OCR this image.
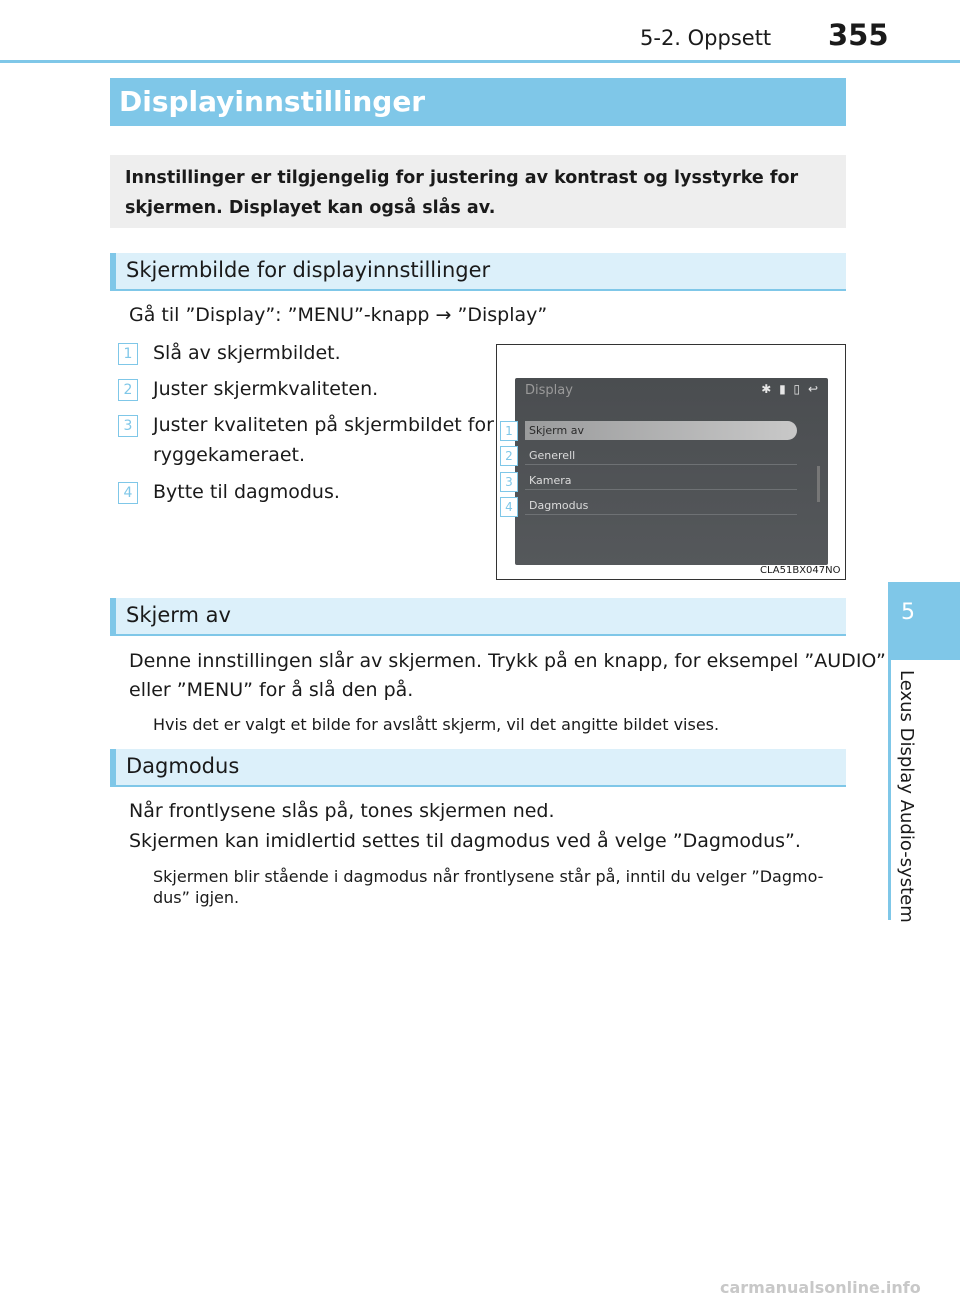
5-2. Oppsett 355
5
Lexus Display Audio-system
Displayinnstillinger
Innstillinger er tilgjengelig for justering av kontrast og lysstyrke for skjermen. Displayet kan også slås av.
Skjermbilde for displayinnstillinger
Gå til ”Display”: ”MENU”-knapp → ”Display”
1 Slå av skjermbildet.
2 Juster skjermkvaliteten.
3 Juster kvaliteten på skjermbildet for
ryggekameraet.
4 Bytte til dagmodus.
Display	✱ ▮ ▯ ↩
Skjerm av
Generell
Kamera
Dagmodus
1
2
3
4
CLA51BX047NO
Skjerm av
Denne innstillingen slår av skjermen. Trykk på en knapp, for eksempel ”AUDIO”
eller ”MENU” for å slå den på.
Hvis det er valgt et bilde for avslått skjerm, vil det angitte bildet vises.
Dagmodus
Når frontlysene slås på, tones skjermen ned.
Skjermen kan imidlertid settes til dagmodus ved å velge ”Dagmodus”.
Skjermen blir stående i dagmodus når frontlysene står på, inntil du velger ”Dagmo-
dus” igjen.
carmanualsonline.info
